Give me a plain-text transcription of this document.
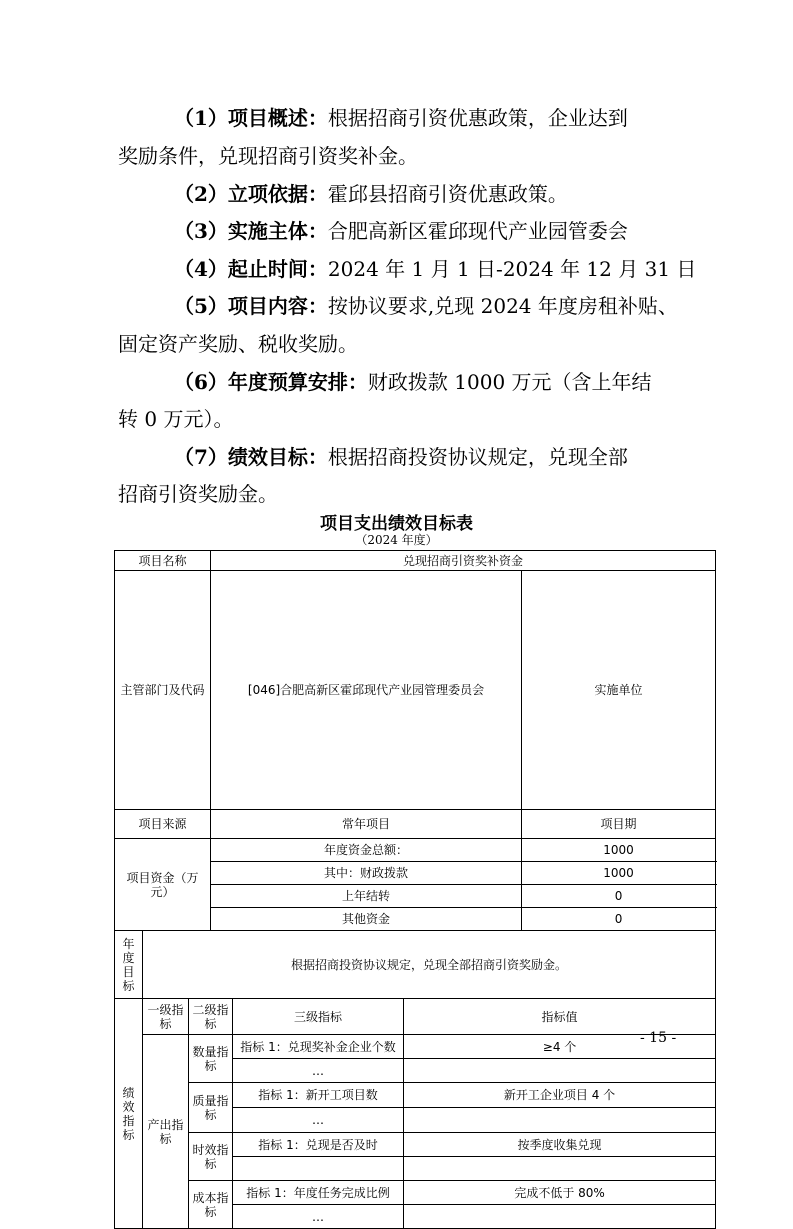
（1）项目概述：根据招商引资优惠政策，企业达到
奖励条件，兑现招商引资奖补金。
（2）立项依据：霍邱县招商引资优惠政策。
（3）实施主体：合肥高新区霍邱现代产业园管委会
（4）起止时间：2024 年 1 月 1 日-2024 年 12 月 31 日
（5）项目内容：按协议要求,兑现 2024 年度房租补贴、
固定资产奖励、税收奖励。
（6）年度预算安排：财政拨款 1000 万元（含上年结
转 0 万元）。
（7）绩效目标：根据招商投资协议规定，兑现全部
招商引资奖励金。
项目支出绩效目标表
（2024 年度）
项目名称			兑现招商引资奖补资金				
主管部门及代码			[046]合肥高新区霍邱现代产业园管理委员会			实施单位	
项目来源			常年项目			项目期	
项目资金（万元）			年度资金总额：			1000	
			其中：财政拨款			1000	
			上年结转			0	
			其他资金			0	
年度目标	根据招商投资协议规定，兑现全部招商引资奖励金。						
绩效指标	一级指标	二级指标		三级指标	指标值		
	产出指标	数量指标		指标 1：兑现奖补金企业个数	≥4 个		
				…			
		质量指标		指标 1：新开工项目数	新开工企业项目 4 个		
				…			
		时效指标		指标 1：兑现是否及时	按季度收集兑现		

		成本指标		指标 1：年度任务完成比例	完成不低于 80%		
				…			
- 15 -
